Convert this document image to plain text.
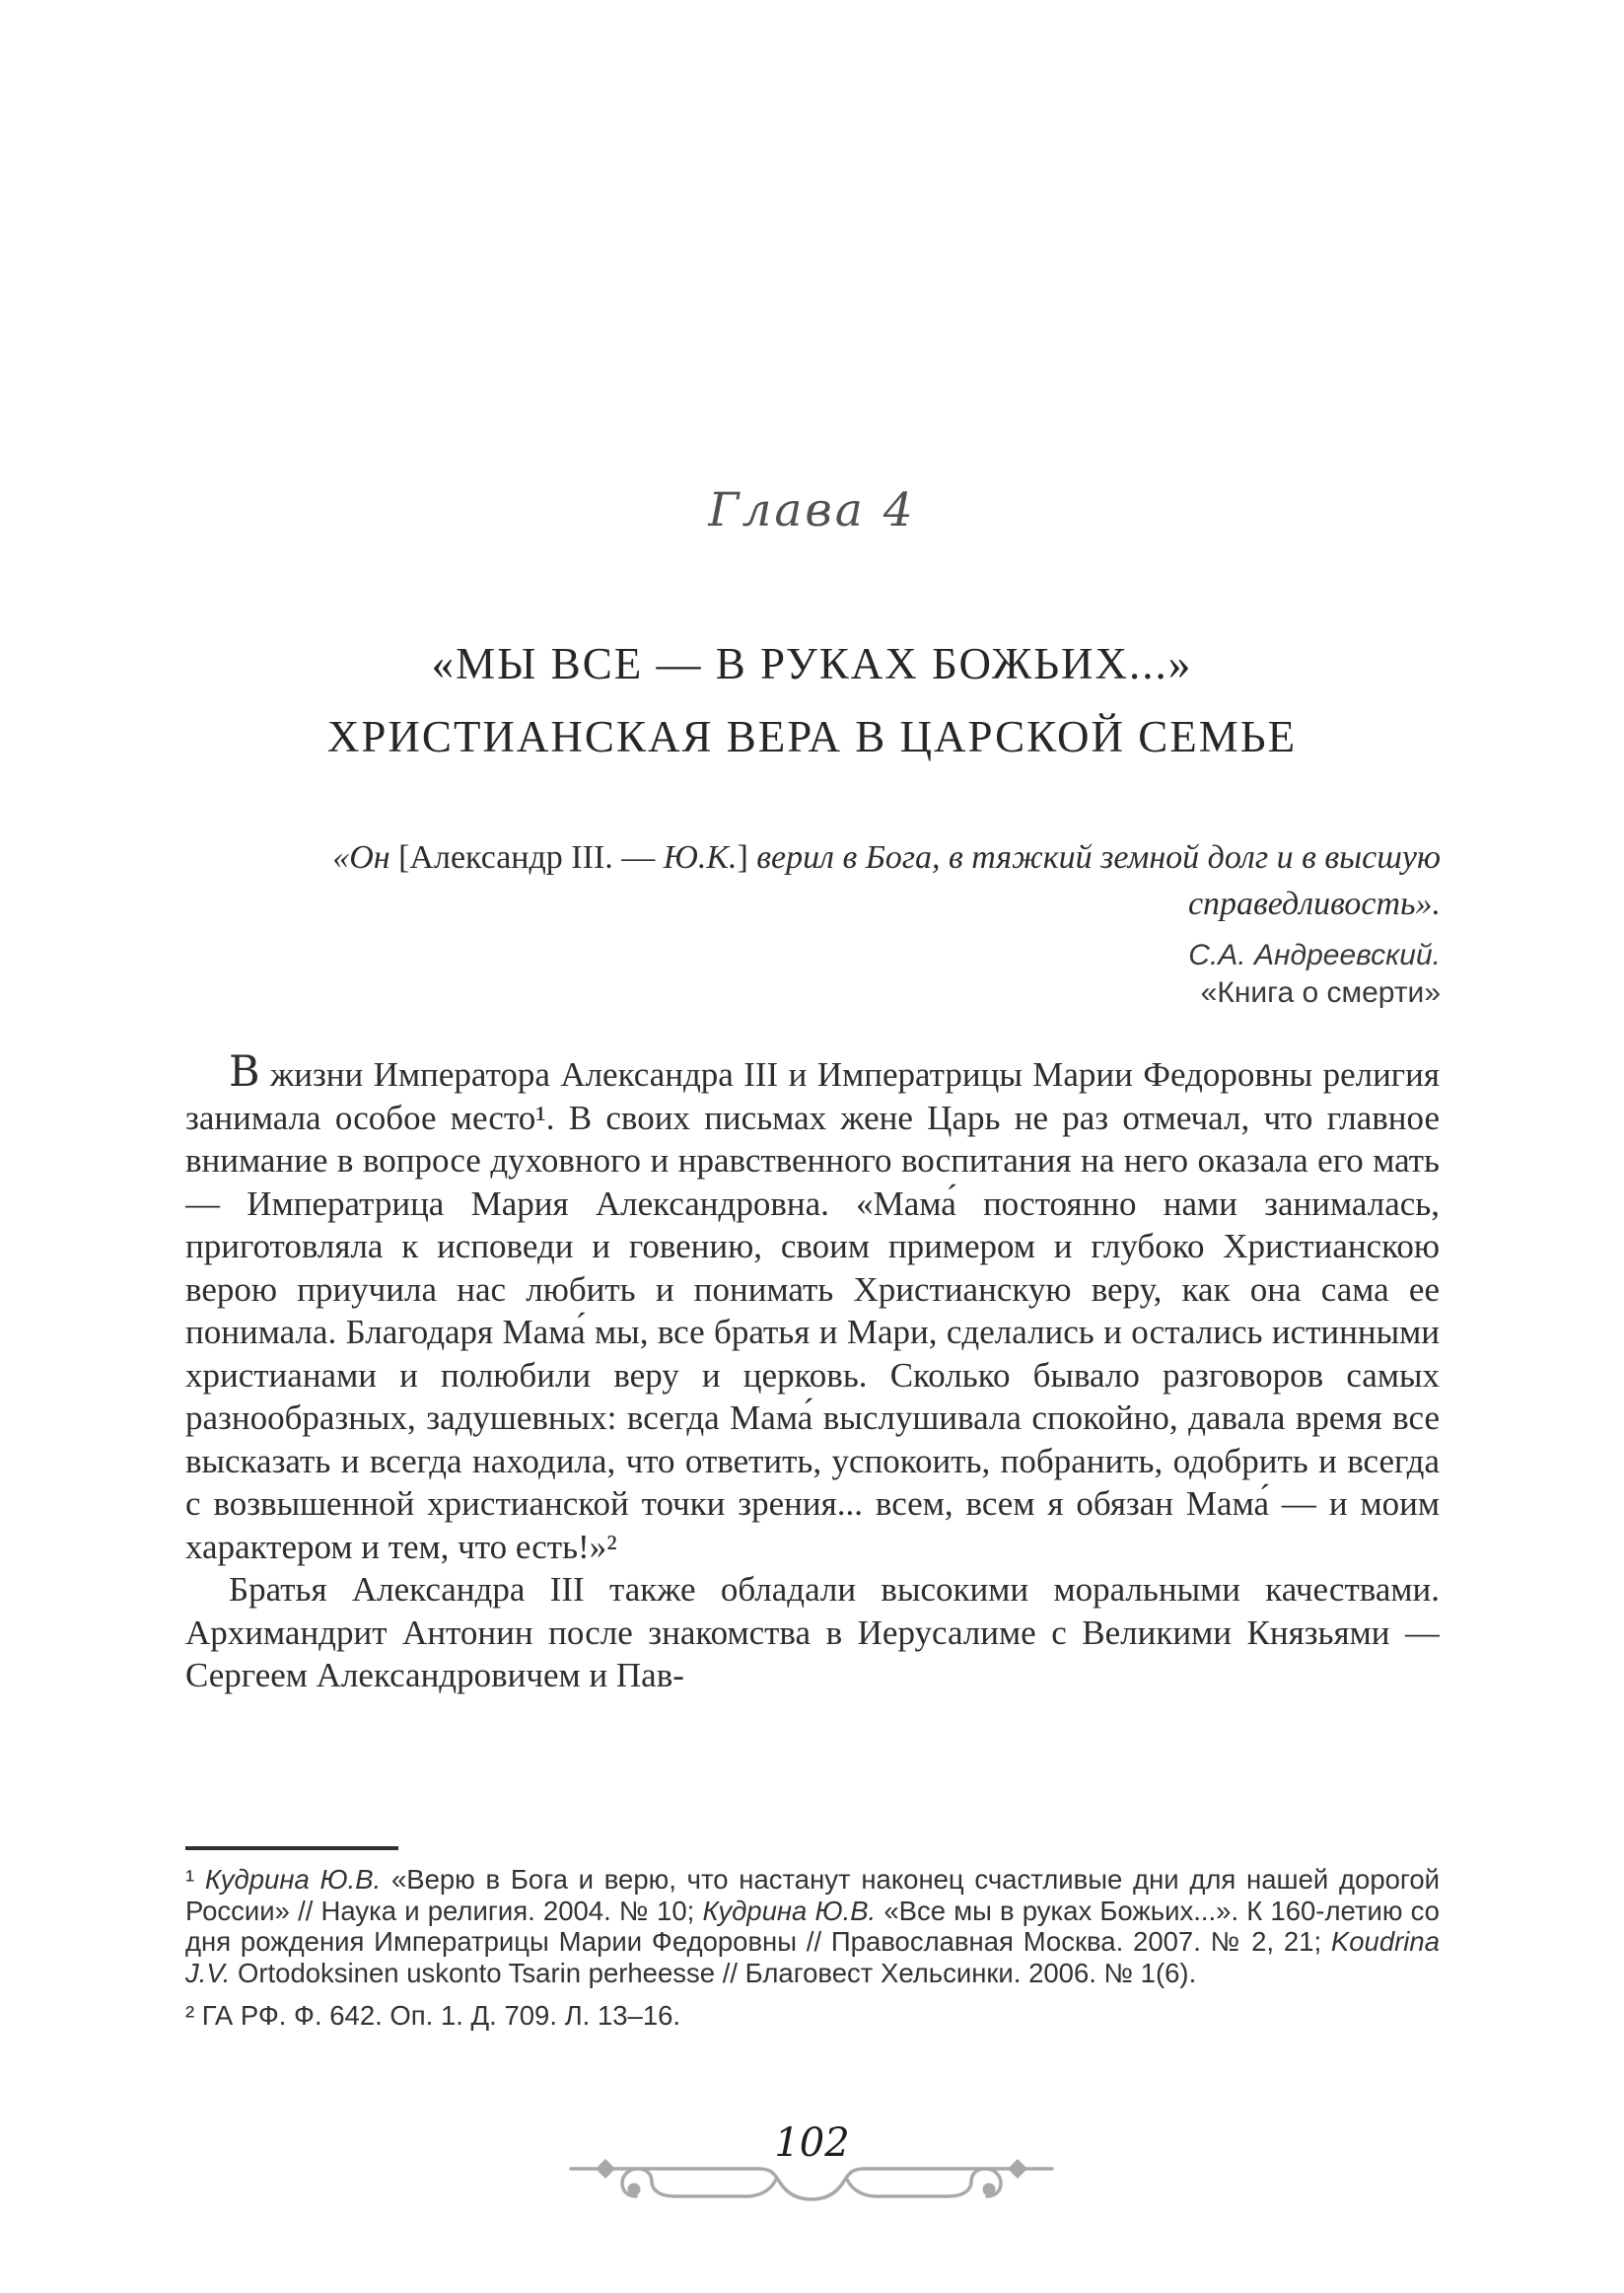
Глава 4
«МЫ ВСЕ — В РУКАХ БОЖЬИХ...»
ХРИСТИАНСКАЯ ВЕРА В ЦАРСКОЙ СЕМЬЕ
«Он [Александр III. — Ю.К.] верил в Бога, в тяжкий земной долг и в высшую справедливость».
С.А. Андреевский.
«Книга о смерти»

В жизни Императора Александра III и Императрицы Марии Федоровны религия занимала особое место¹. В своих письмах жене Царь не раз отмечал, что главное внимание в вопросе духовного и нравственного воспитания на него оказала его мать — Императрица Мария Александровна. «Мама́ постоянно нами занималась, приготовляла к исповеди и говению, своим примером и глубоко Христианскою верою приучила нас любить и понимать Христианскую веру, как она сама ее понимала. Благодаря Мама́ мы, все братья и Мари, сделались и остались истинными христианами и полюбили веру и церковь. Сколько бывало разговоров самых разнообразных, задушевных: всегда Мама́ выслушивала спокойно, давала время все высказать и всегда находила, что ответить, успокоить, побранить, одобрить и всегда с возвышенной христианской точки зрения... всем, всем я обязан Мама́ — и моим характером и тем, что есть!»²

Братья Александра III также обладали высокими моральными качествами. Архимандрит Антонин после знакомства в Иерусалиме с Великими Князьями — Сергеем Александровичем и Пав-

¹ Кудрина Ю.В. «Верю в Бога и верю, что настанут наконец счастливые дни для нашей дорогой России» // Наука и религия. 2004. № 10; Кудрина Ю.В. «Все мы в руках Божьих...». К 160-летию со дня рождения Императрицы Марии Федоровны // Православная Москва. 2007. № 2, 21; Koudrina J.V. Ortodoksinen uskonto Tsarin perheesse // Благовест Хельсинки. 2006. № 1(6).

² ГА РФ. Ф. 642. Оп. 1. Д. 709. Л. 13–16.

102
